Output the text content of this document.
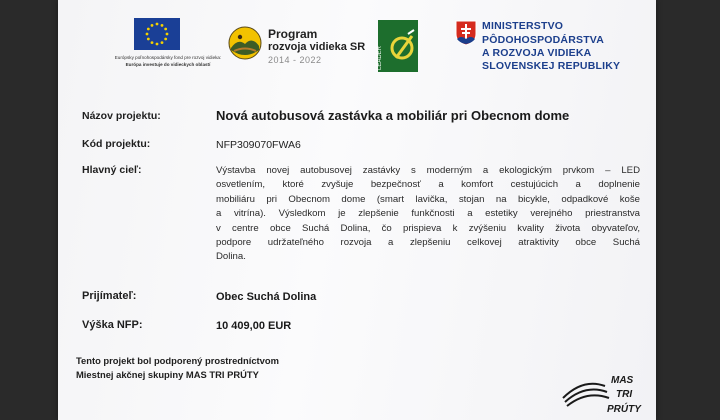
Európsky poľnohospodársky fond pre rozvoj vidieka:
Európa investuje do vidieckych oblastí
Program
rozvoja vidieka SR
2014 - 2022	LEADER
MINISTERSTVO
PÔDOHOSPODÁRSTVA
A ROZVOJA VIDIEKA
SLOVENSKEJ REPUBLIKY
Názov projektu:	Nová autobusová zastávka a mobiliár pri Obecnom dome
Kód projektu:	NFP309070FWA6
Hlavný cieľ:	Výstavba novej autobusovej zastávky s moderným a ekologickým prvkom – LED
osvetlením, ktoré zvyšuje bezpečnosť a komfort cestujúcich a doplnenie
mobiliáru pri Obecnom dome (smart lavička, stojan na bicykle, odpadkové koše
a vitrína). Výsledkom je zlepšenie funkčnosti a estetiky verejného priestranstva
v centre obce Suchá Dolina, čo prispieva k zvýšeniu kvality života obyvateľov,
podpore udržateľného rozvoja a zlepšeniu celkovej atraktivity obce Suchá
Dolina.
Prijímateľ:	Obec Suchá Dolina
Výška NFP:	10 409,00 EUR
Tento projekt bol podporený prostredníctvom
Miestnej akčnej skupiny MAS TRI PRÚTY
MAS
TRI
PRÚTY
